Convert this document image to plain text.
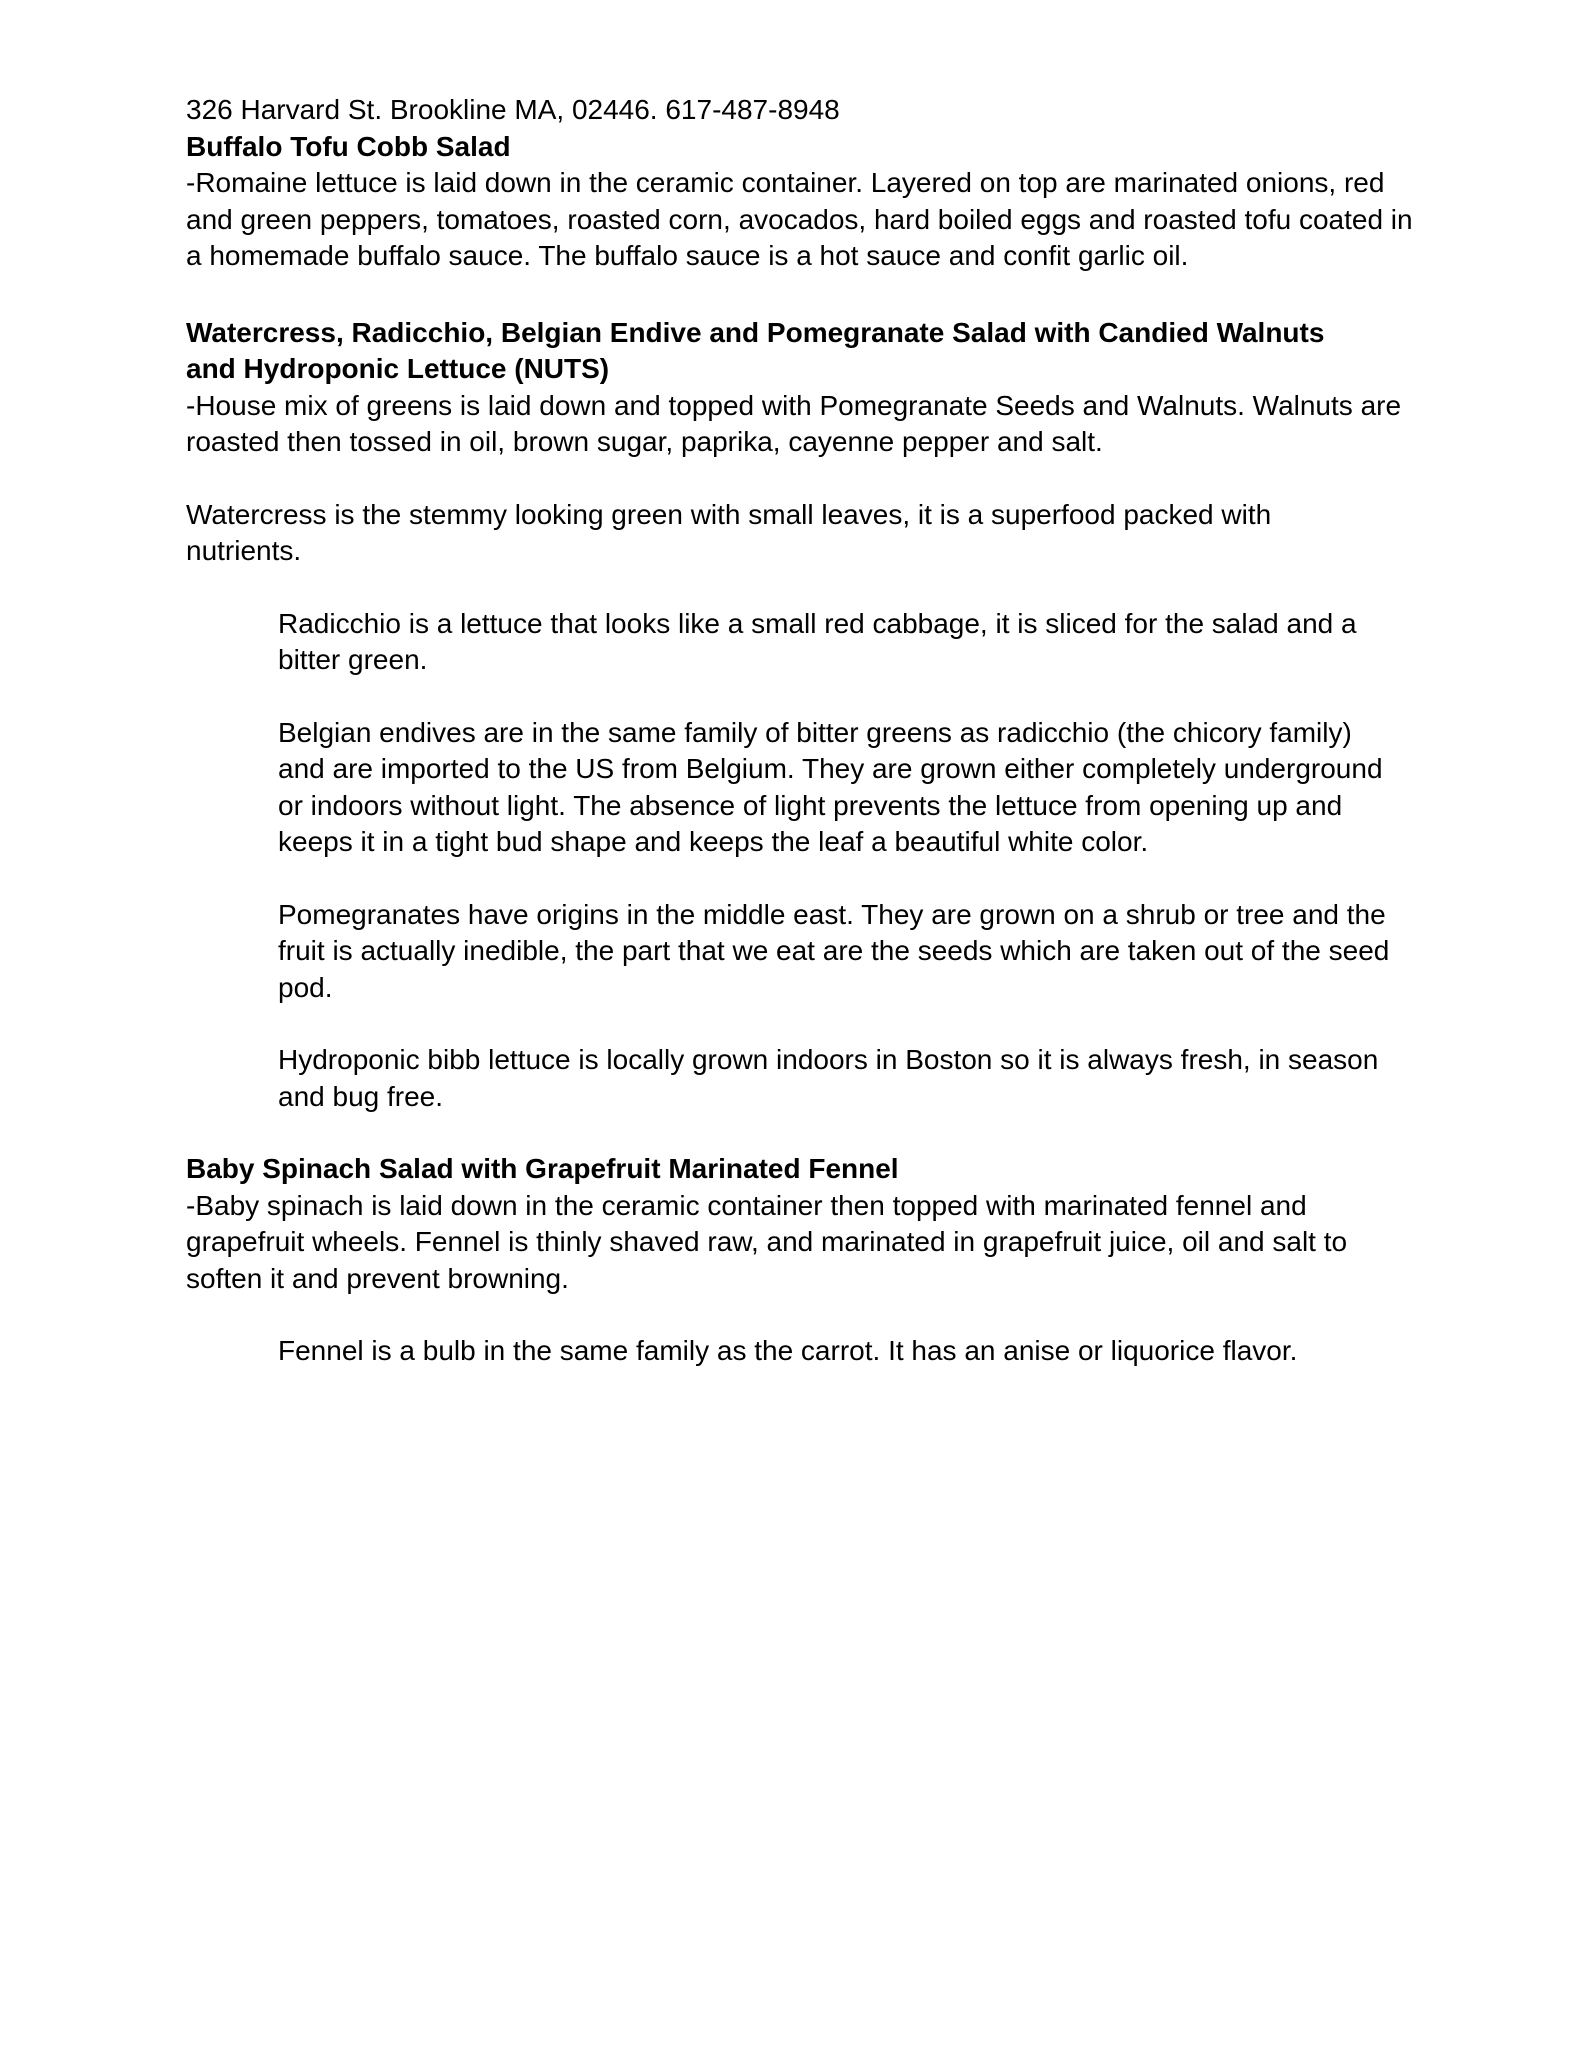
326 Harvard St. Brookline MA, 02446. 617-487-8948

Buffalo Tofu Cobb Salad

-Romaine lettuce is laid down in the ceramic container. Layered on top are marinated onions, red and green peppers, tomatoes, roasted corn, avocados, hard boiled eggs and roasted tofu coated in a homemade buffalo sauce. The buffalo sauce is a hot sauce and confit garlic oil.

Watercress, Radicchio, Belgian Endive and Pomegranate Salad with Candied Walnuts and Hydroponic Lettuce (NUTS)

-House mix of greens is laid down and topped with Pomegranate Seeds and Walnuts. Walnuts are roasted then tossed in oil, brown sugar, paprika, cayenne pepper and salt.

Watercress is the stemmy looking green with small leaves, it is a superfood packed with nutrients.

Radicchio is a lettuce that looks like a small red cabbage, it is sliced for the salad and a bitter green.

Belgian endives are in the same family of bitter greens as radicchio (the chicory family) and are imported to the US from Belgium. They are grown either completely underground or indoors without light. The absence of light prevents the lettuce from opening up and keeps it in a tight bud shape and keeps the leaf a beautiful white color.

Pomegranates have origins in the middle east. They are grown on a shrub or tree and the fruit is actually inedible, the part that we eat are the seeds which are taken out of the seed pod.

Hydroponic bibb lettuce is locally grown indoors in Boston so it is always fresh, in season and bug free.

Baby Spinach Salad with Grapefruit Marinated Fennel

-Baby spinach is laid down in the ceramic container then topped with marinated fennel and grapefruit wheels. Fennel is thinly shaved raw, and marinated in grapefruit juice, oil and salt to soften it and prevent browning.

Fennel is a bulb in the same family as the carrot. It has an anise or liquorice flavor.
